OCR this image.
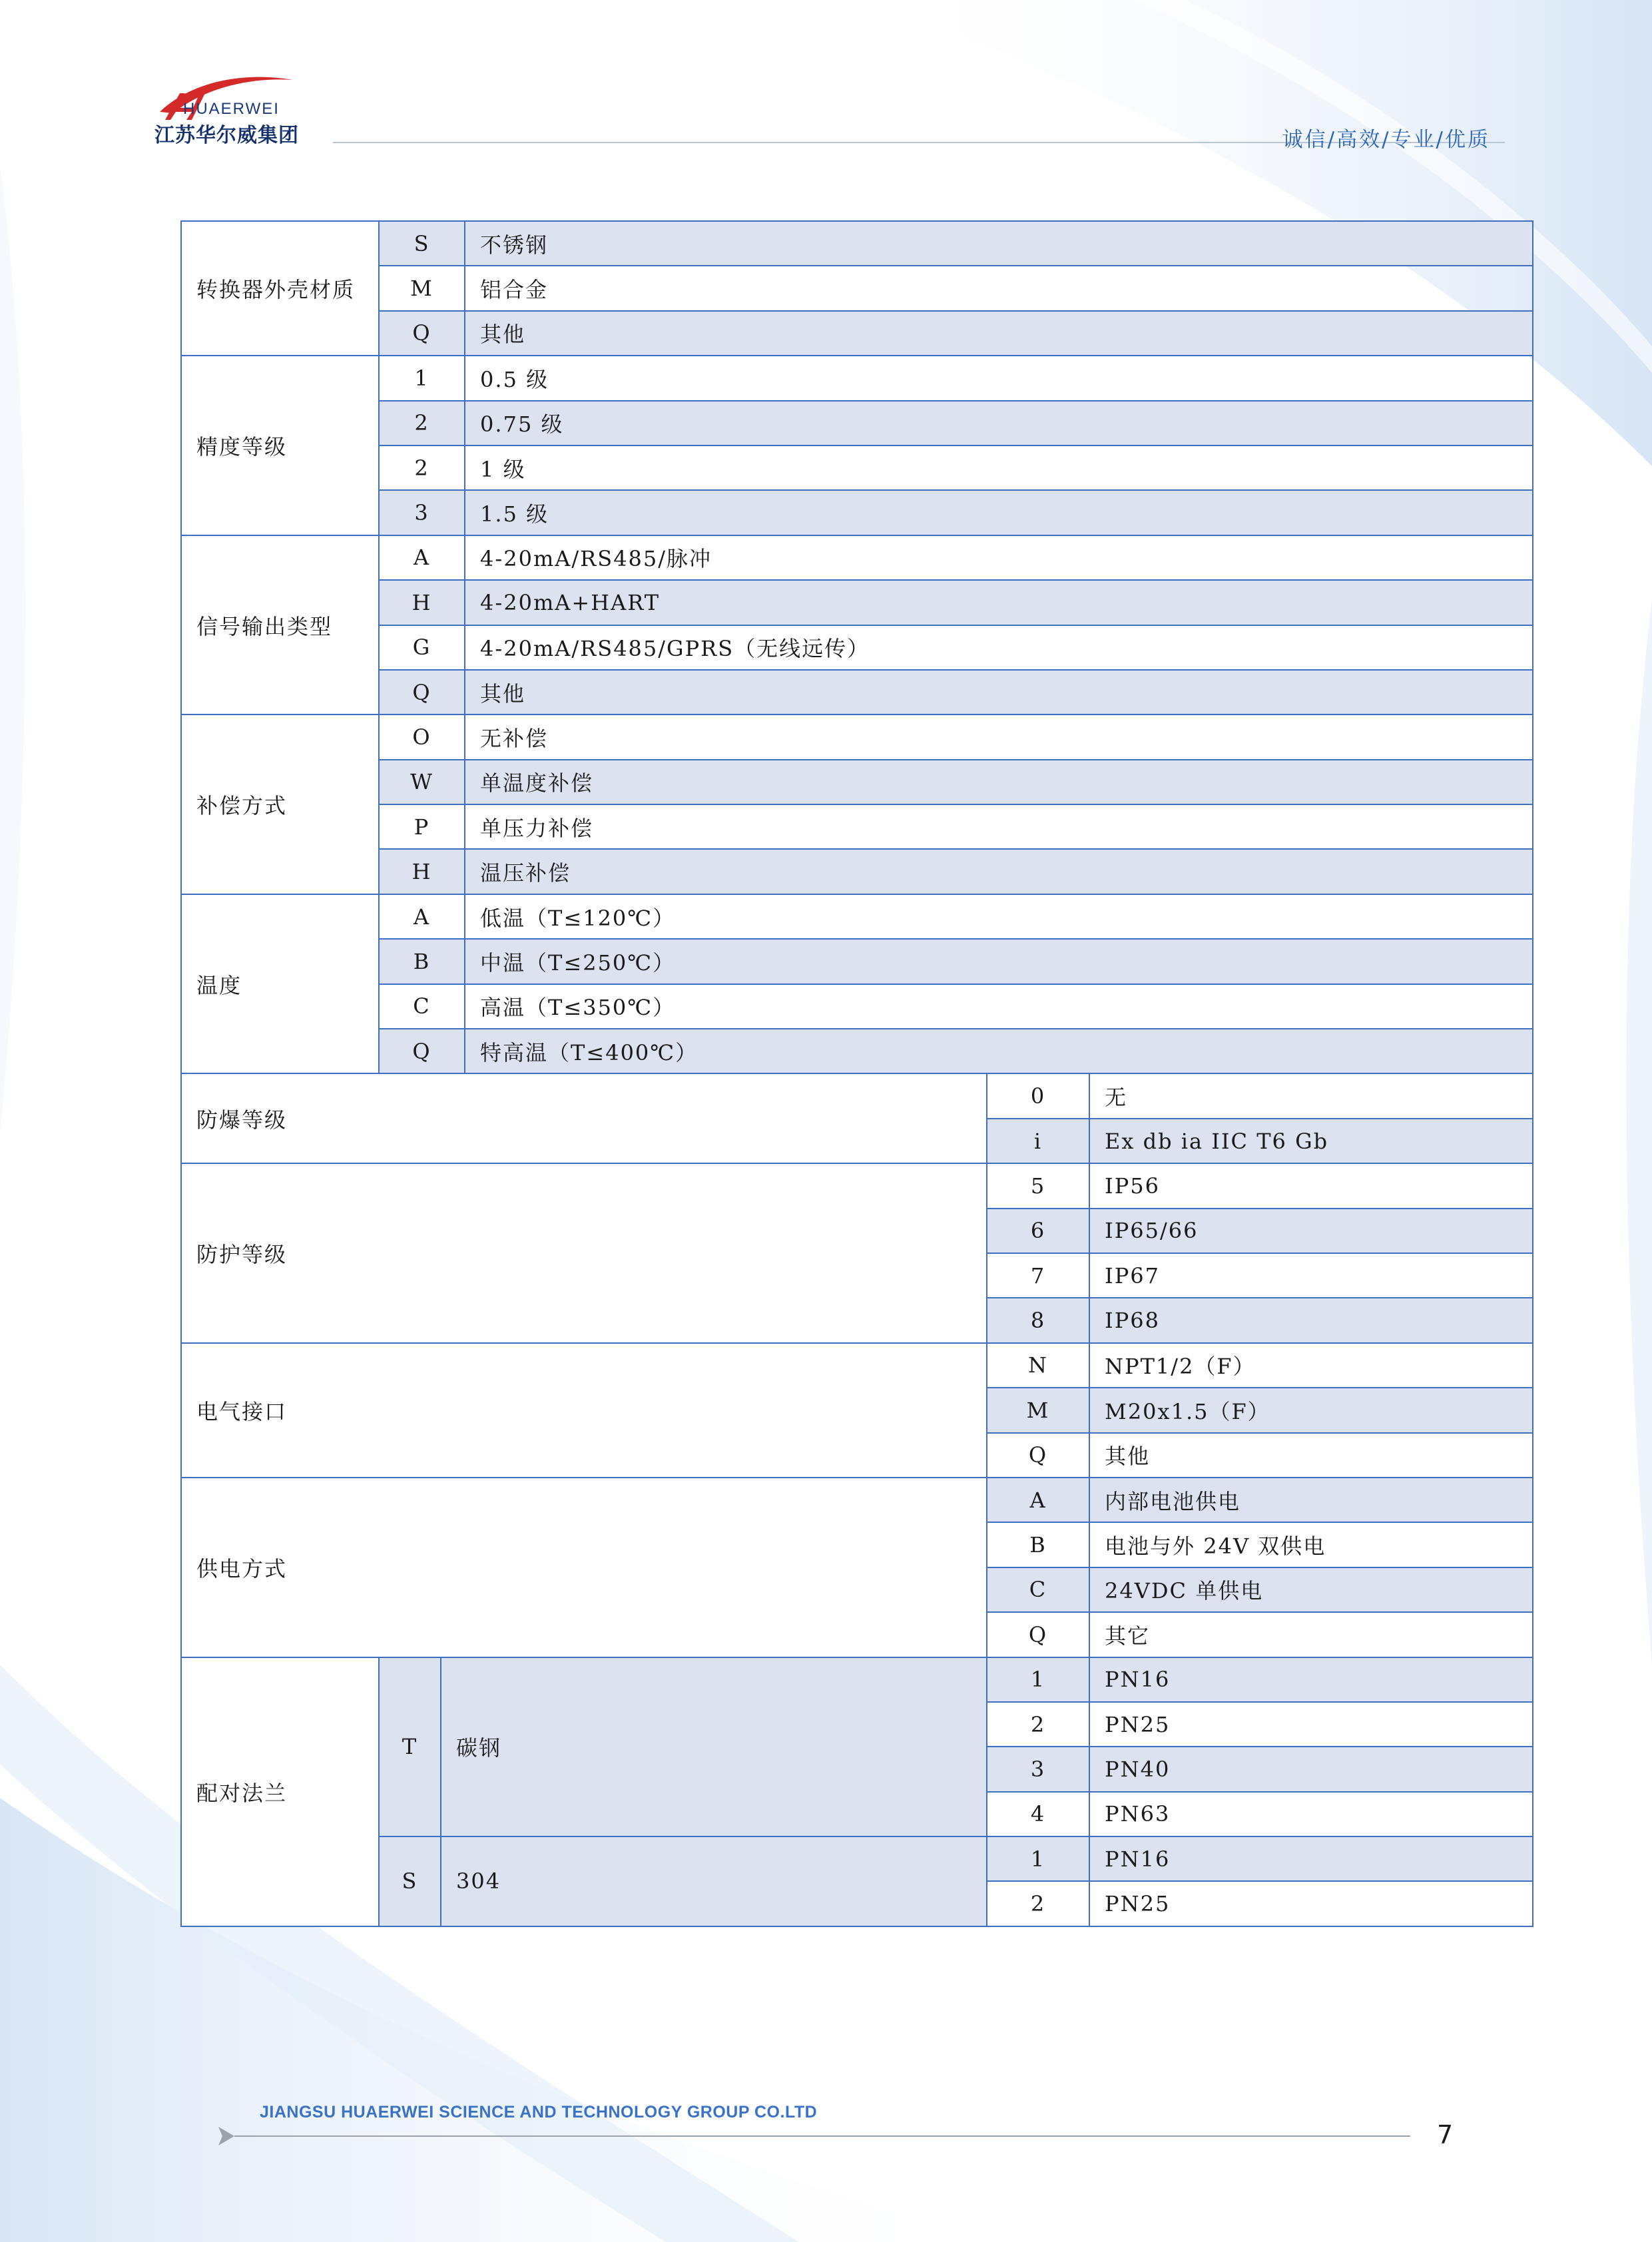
HUAERWEI
江苏华尔威集团	诚信/高效/专业/优质
转换器外壳材质	S		不锈钢		
	M		铝合金		
	Q		其他		
精度等级	1		0.5 级		
	2		0.75 级		
	2		1 级		
	3		1.5 级		
信号输出类型	A		4-20mA/RS485/脉冲		
	H		4-20mA+HART		
	G		4-20mA/RS485/GPRS（无线远传）		
	Q		其他		
补偿方式	O		无补偿		
	W		单温度补偿		
	P		单压力补偿		
	H		温压补偿		
温度	A		低温（T≤120℃）		
	B		中温（T≤250℃）		
	C		高温（T≤350℃）		
	Q		特高温（T≤400℃）		
防爆等级				0	无
				i	Ex db ia IIC T6 Gb
防护等级				5	IP56
				6	IP65/66
				7	IP67
				8	IP68
电气接口				N	NPT1/2（F）
				M	M20x1.5（F）
				Q	其他
供电方式				A	内部电池供电
				B	电池与外 24V 双供电
				C	24VDC 单供电
				Q	其它
配对法兰	T	碳钢		1	PN16
				2	PN25
				3	PN40
				4	PN63
	S	304		1	PN16
				2	PN25
JIANGSU HUAERWEI SCIENCE AND TECHNOLOGY GROUP CO.LTD
7
